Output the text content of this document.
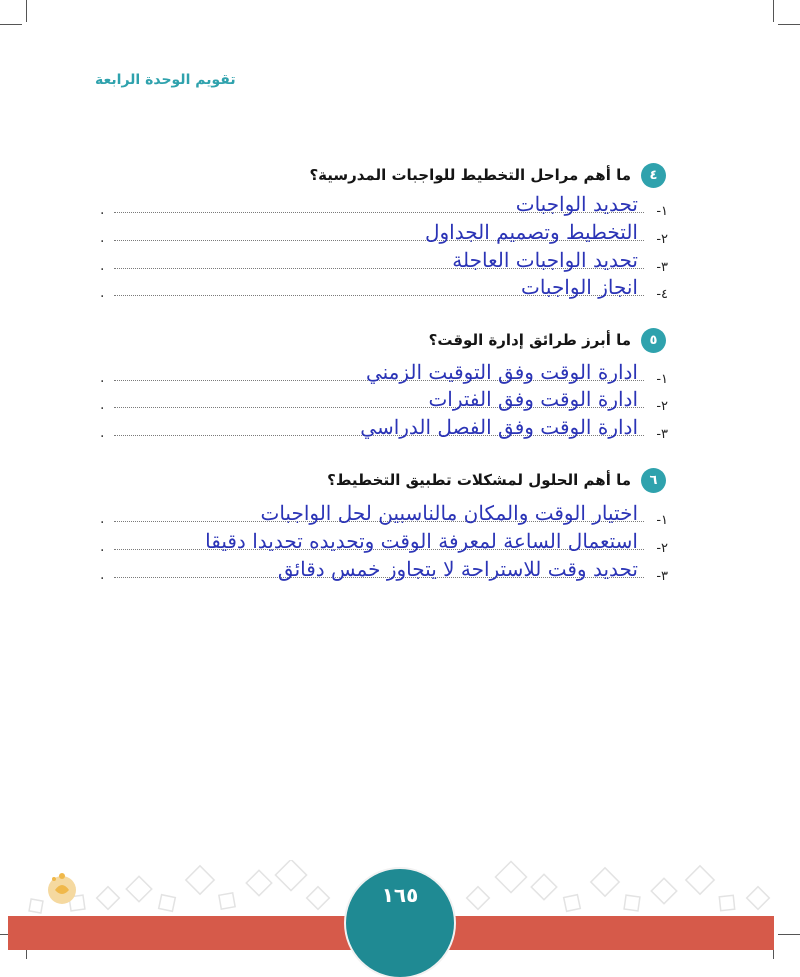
تقويم الوحدة الرابعة
٤
ما أهم مراحل التخطيط للواجبات المدرسية؟
١-
.	تحديد الواجبات
٢-
.	التخطيط وتصميم الجداول
٣-
.	تحديد الواجبات العاجلة
٤-
.	انجاز الواجبات
٥
ما أبرز طرائق إدارة الوقت؟
١-
.	ادارة الوقت وفق التوقيت الزمني
٢-
.	ادارة الوقت وفق الفترات
٣-
.	ادارة الوقت وفق الفصل الدراسي
٦
ما أهم الحلول لمشكلات تطبيق التخطيط؟
١-
.	اختيار الوقت والمكان مالناسبين لحل الواجبات
٢-
.	استعمال الساعة لمعرفة الوقت وتحديده تحديدا دقيقا
٣-
.	تحديد وقت للاستراحة لا يتجاوز خمس دقائق
١٦٥
